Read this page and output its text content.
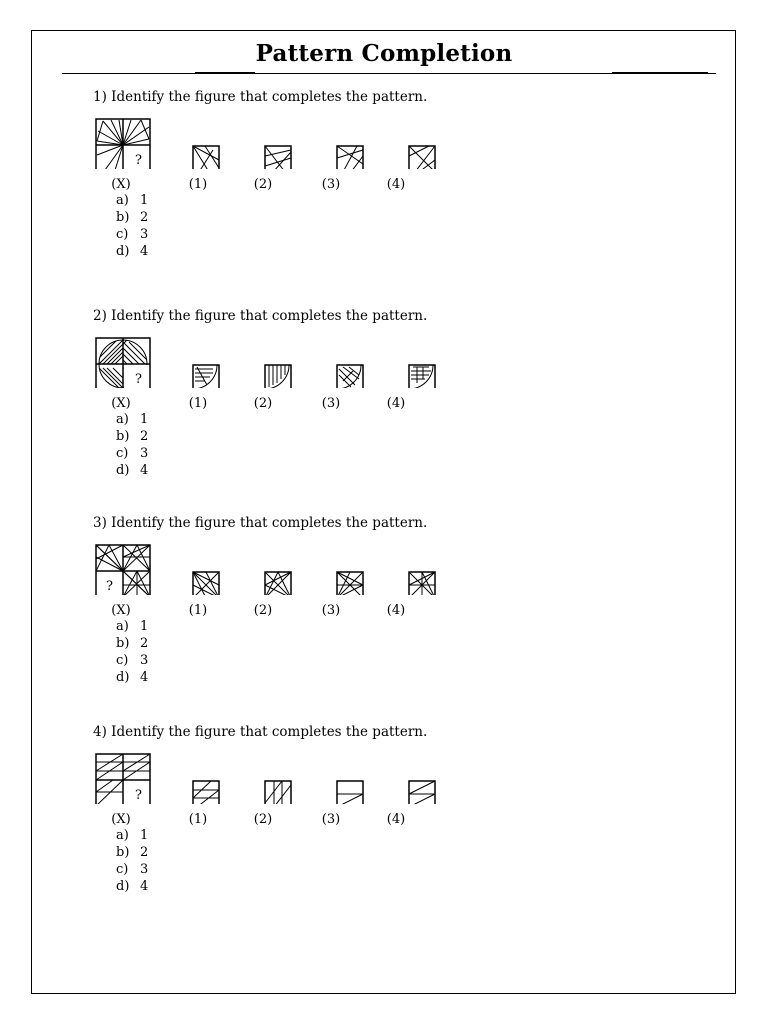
Pattern Completion
1) Identify the figure that completes the pattern.
?
(X)	(1)	(2)	(3)	(4)
a) 1
b) 2
c) 3
d) 4
2) Identify the figure that completes the pattern.
?
(X)	(1)	(2)	(3)	(4)
a) 1
b) 2
c) 3
d) 4
3) Identify the figure that completes the pattern.
?
(X)	(1)	(2)	(3)	(4)
a) 1
b) 2
c) 3
d) 4
4) Identify the figure that completes the pattern.
?
(X)	(1)	(2)	(3)	(4)
a) 1
b) 2
c) 3
d) 4
